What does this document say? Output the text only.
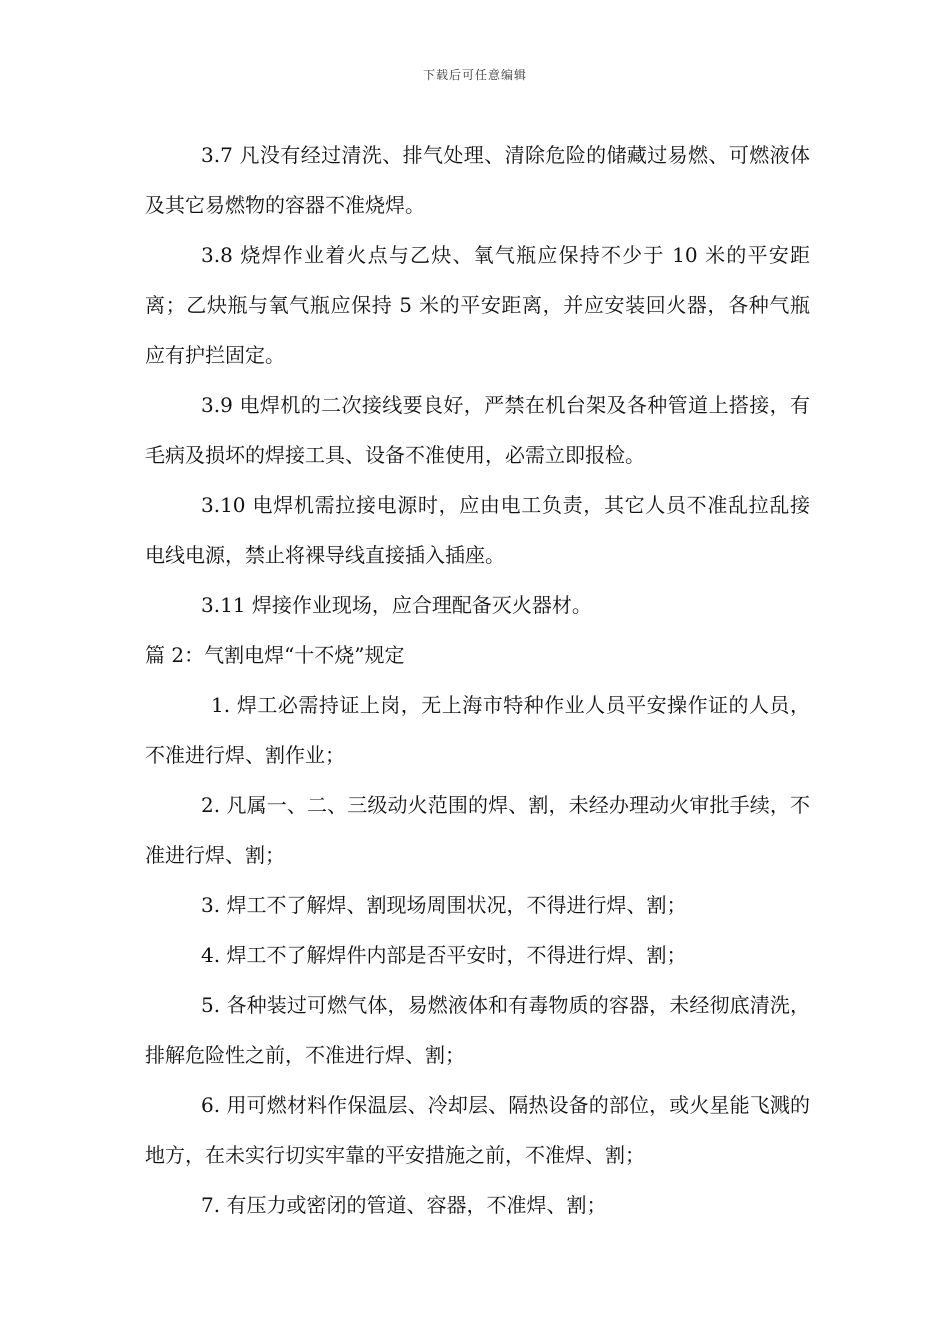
下载后可任意编辑

3.7 凡没有经过清洗、排气处理、清除危险的储藏过易燃、可燃液体及其它易燃物的容器不准烧焊。

3.8 烧焊作业着火点与乙炔、氧气瓶应保持不少于 10 米的平安距离；乙炔瓶与氧气瓶应保持 5 米的平安距离，并应安装回火器，各种气瓶应有护拦固定。

3.9 电焊机的二次接线要良好，严禁在机台架及各种管道上搭接，有毛病及损坏的焊接工具、设备不准使用，必需立即报检。

3.10 电焊机需拉接电源时，应由电工负责，其它人员不准乱拉乱接电线电源，禁止将裸导线直接插入插座。

3.11 焊接作业现场，应合理配备灭火器材。

篇 2：气割电焊“十不烧”规定

1. 焊工必需持证上岗，无上海市特种作业人员平安操作证的人员，不准进行焊、割作业；

2. 凡属一、二、三级动火范围的焊、割，未经办理动火审批手续，不准进行焊、割；

3. 焊工不了解焊、割现场周围状况，不得进行焊、割；

4. 焊工不了解焊件内部是否平安时，不得进行焊、割；

5. 各种装过可燃气体，易燃液体和有毒物质的容器，未经彻底清洗，排解危险性之前，不准进行焊、割；

6. 用可燃材料作保温层、冷却层、隔热设备的部位，或火星能飞溅的地方，在未实行切实牢靠的平安措施之前，不准焊、割；

7. 有压力或密闭的管道、容器，不准焊、割；
